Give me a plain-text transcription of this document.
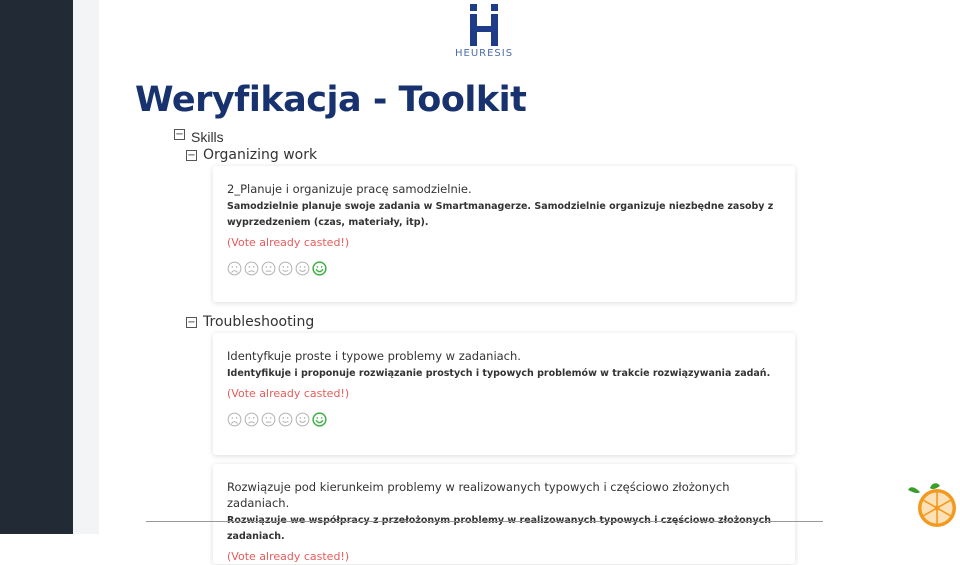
HEURESIS
Weryfikacja - Toolkit
− Skills
− Organizing work
2_Planuje i organizuje pracę samodzielnie.
Samodzielnie planuje swoje zadania w Smartmanagerze. Samodzielnie organizuje niezbędne zasoby z wyprzedzeniem (czas, materiały, itp).
(Vote already casted!)
− Troubleshooting
Identyfkuje proste i typowe problemy w zadaniach.
Identyfikuje i proponuje rozwiązanie prostych i typowych problemów w trakcie rozwiązywania zadań.
(Vote already casted!)
Rozwiązuje pod kierunkeim problemy w realizowanych typowych i częściowo złożonych zadaniach.
zadaniach.
(Vote already casted!)
